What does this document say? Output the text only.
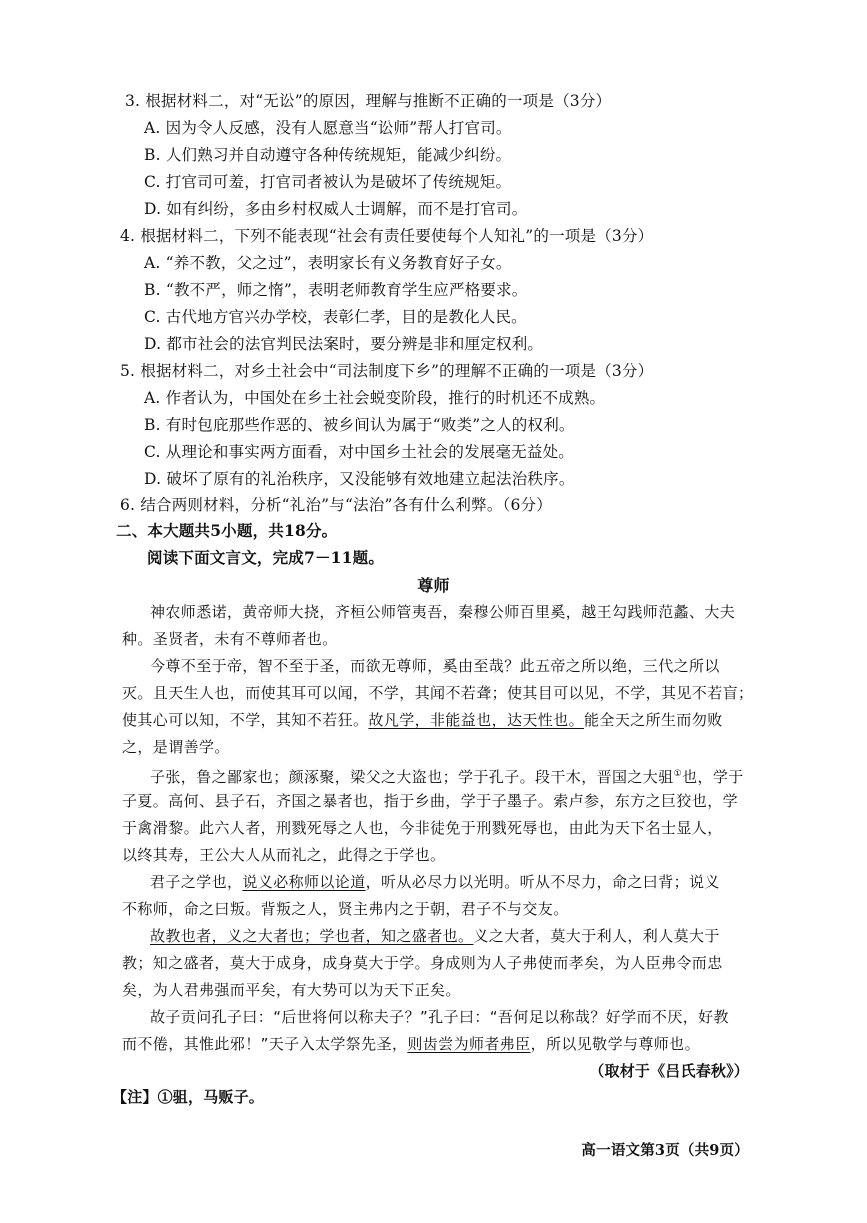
3. 根据材料二，对“无讼”的原因，理解与推断不正确的一项是（3分）
A. 因为令人反感，没有人愿意当“讼师”帮人打官司。
B. 人们熟习并自动遵守各种传统规矩，能减少纠纷。
C. 打官司可羞，打官司者被认为是破坏了传统规矩。
D. 如有纠纷，多由乡村权威人士调解，而不是打官司。
4. 根据材料二，下列不能表现“社会有责任要使每个人知礼”的一项是（3分）
A. “养不教，父之过”，表明家长有义务教育好子女。
B. “教不严，师之惰”，表明老师教育学生应严格要求。
C. 古代地方官兴办学校，表彰仁孝，目的是教化人民。
D. 都市社会的法官判民法案时，要分辨是非和厘定权利。
5. 根据材料二，对乡土社会中“司法制度下乡”的理解不正确的一项是（3分）
A. 作者认为，中国处在乡土社会蜕变阶段，推行的时机还不成熟。
B. 有时包庇那些作恶的、被乡间认为属于“败类”之人的权利。
C. 从理论和事实两方面看，对中国乡土社会的发展毫无益处。
D. 破坏了原有的礼治秩序，又没能够有效地建立起法治秩序。
6. 结合两则材料，分析“礼治”与“法治”各有什么利弊。（6分）
二、本大题共5小题，共18分。
阅读下面文言文，完成7－11题。
尊师
神农师悉诺，黄帝师大挠，齐桓公师管夷吾，秦穆公师百里奚，越王勾践师范蠡、大夫
种。圣贤者，未有不尊师者也。
今尊不至于帝，智不至于圣，而欲无尊师，奚由至哉？此五帝之所以绝，三代之所以
灭。且天生人也，而使其耳可以闻，不学，其闻不若聋；使其目可以见，不学，其见不若盲；
使其心可以知，不学，其知不若狂。故凡学，非能益也，达天性也。能全天之所生而勿败
之，是谓善学。
子张，鲁之鄙家也；颜涿聚，梁父之大盗也；学于孔子。段干木，晋国之大驵①也，学于
子夏。高何、县子石，齐国之暴者也，指于乡曲，学于子墨子。索卢参，东方之巨狡也，学
于禽滑黎。此六人者，刑戮死辱之人也，今非徒免于刑戮死辱也，由此为天下名士显人，
以终其寿，王公大人从而礼之，此得之于学也。
君子之学也，说义必称师以论道，听从必尽力以光明。听从不尽力，命之曰背；说义
不称师，命之曰叛。背叛之人，贤主弗内之于朝，君子不与交友。
故教也者，义之大者也；学也者，知之盛者也。义之大者，莫大于利人，利人莫大于
教；知之盛者，莫大于成身，成身莫大于学。身成则为人子弗使而孝矣，为人臣弗令而忠
矣，为人君弗强而平矣，有大势可以为天下正矣。
故子贡问孔子曰：“后世将何以称夫子？”孔子曰：“吾何足以称哉？好学而不厌，好教
而不倦，其惟此邪！”天子入太学祭先圣，则齿尝为师者弗臣，所以见敬学与尊师也。
（取材于《吕氏春秋》）
【注】①驵，马贩子。
高一语文第3页（共9页）
